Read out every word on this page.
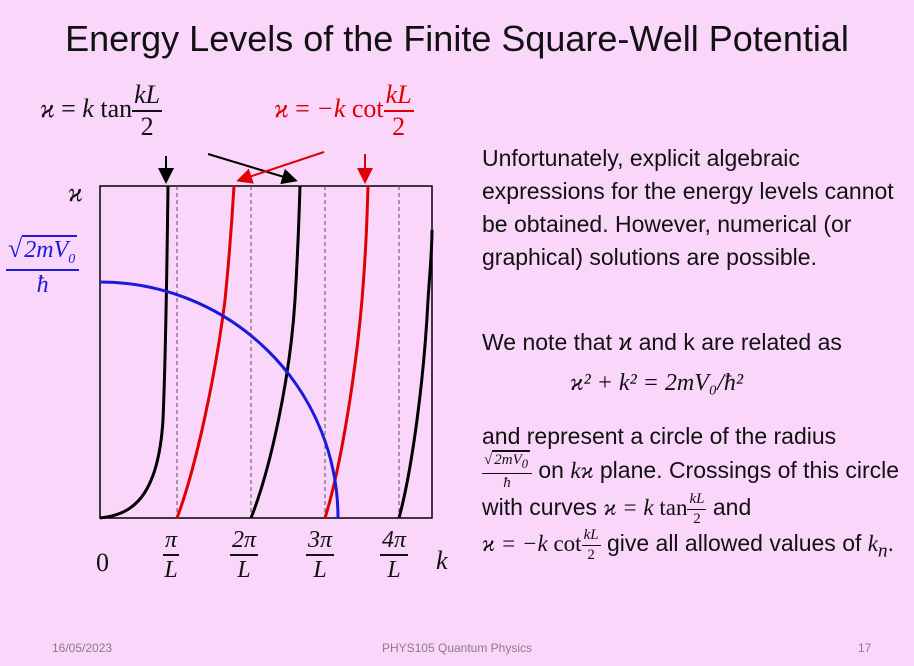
Energy Levels of the Finite Square-Well Potential
ϰ = k $\tan \frac{kL}{2}$	ϰ = −k $\cot \frac{kL}{2}$
ϰ
$\frac{√2mV_0}{ħ}$
$0 \frac{\pi}{L} \frac{2\pi}{L} \frac{3\pi}{L} \frac{4\pi}{L}$ k
Unfortunately, explicit algebraic expressions for the energy levels cannot be obtained. However, numerical (or graphical) solutions are possible.
We note that ϰ and k are related as
ϰ² + k² = 2mV₀/ħ²
and represent a circle of the radius

$\frac{√ 2mV_0}{ħ}$ on kϰ plane. Crossings of this circle with curves ϰ = k $\tan \frac{kL}{2}$ and
ϰ = −k $\cot \frac{kL}{2}$ give all allowed values of $k_n$.
16/05/2023	PHYS105 Quantum Physics	17
